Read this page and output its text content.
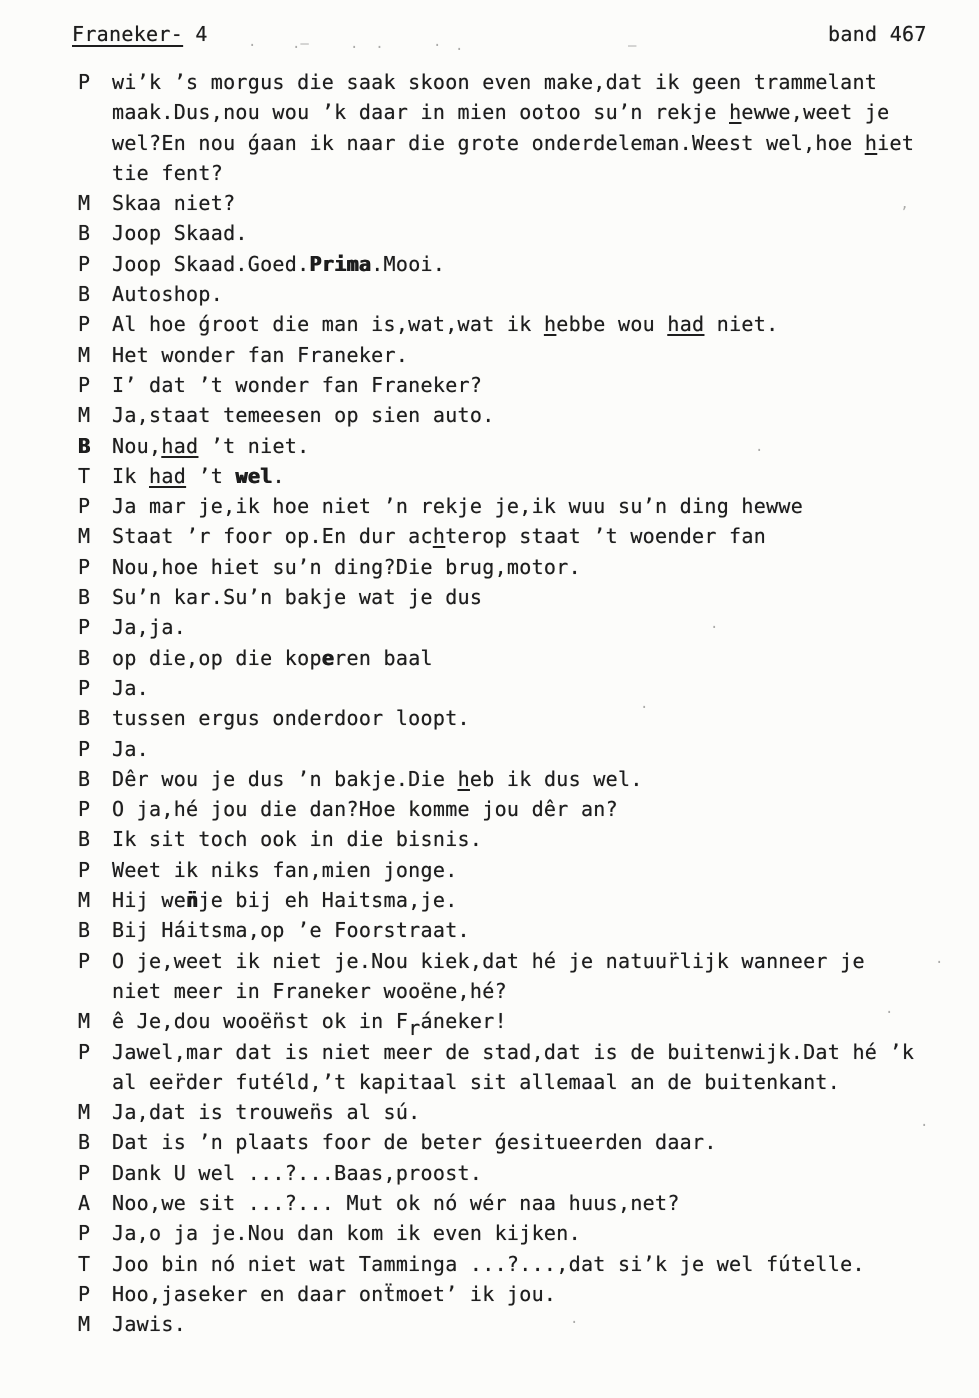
Franeker- 4	band 467
P	wi’k ’s morgus die saak skoon even make,dat ik geen trammelant
maak.Dus,nou wou ’k daar in mien ootoo su’n rekje hewwe,weet je
wel?En nou ǵaan ik naar die grote onderdeleman.Weest wel,hoe hiet
tie fent?
M	Skaa niet?
B	Joop Skaad.
P	Joop Skaad.Goed.Prima.Mooi.
B	Autoshop.
P	Al hoe ǵroot die man is,wat,wat ik hebbe wou had niet.
M	Het wonder fan Franeker.
P	I’ dat ’t wonder fan Franeker?
M	Ja,staat temeesen op sien auto.
B	Nou,had ’t niet.
T	Ik had ’t wel.
P	Ja mar je,ik hoe niet ’n rekje je,ik wuu su’n ding hewwe
M	Staat ’r foor op.En dur achterop staat ’t woender fan
P	Nou,hoe hiet su’n ding?Die brug,motor.
B	Su’n kar.Su’n bakje wat je dus
P	Ja,ja.
B	op die,op die koperen baal
P	Ja.
B	tussen ergus onderdoor loopt.
P	Ja.
B	Dêr wou je dus ’n bakje.Die heb ik dus wel.
P	O ja,hé jou die dan?Hoe komme jou dêr an?
B	Ik sit toch ook in die bisnis.
P	Weet ik niks fan,mien jonge.
M	Hij wen̈je bij eh Haitsma,je.
B	Bij Háitsma,op ’e Foorstraat.
P	O je,weet ik niet je.Nou kiek,dat hé je natuur̈lijk wanneer je
niet meer in Franeker wooëne,hé?
M	ê Je,dou wooën̈st ok in Fráneker!
P	Jawel,mar dat is niet meer de stad,dat is de buitenwijk.Dat hé ’k
al eer̈der futéld,’t kapitaal sit allemaal an de buitenkant.
M	Ja,dat is trouwen̈s al sú.
B	Dat is ’n plaats foor de beter ǵesitueerden daar.
P	Dank U wel ...?...Baas,proost.
A	Noo,we sit ...?... Mut ok nó wér naa huus,net?
P	Ja,o ja je.Nou dan kom ik even kijken.
T	Joo bin nó niet wat Tamminga ...?...,dat si’k je wel fútelle.
P	Hoo,jaseker en daar onẗmoet’ ik jou.
M	Jawis.
·	.–	·  ·	· ·	–
’
·
·
·
·
·
·
·
